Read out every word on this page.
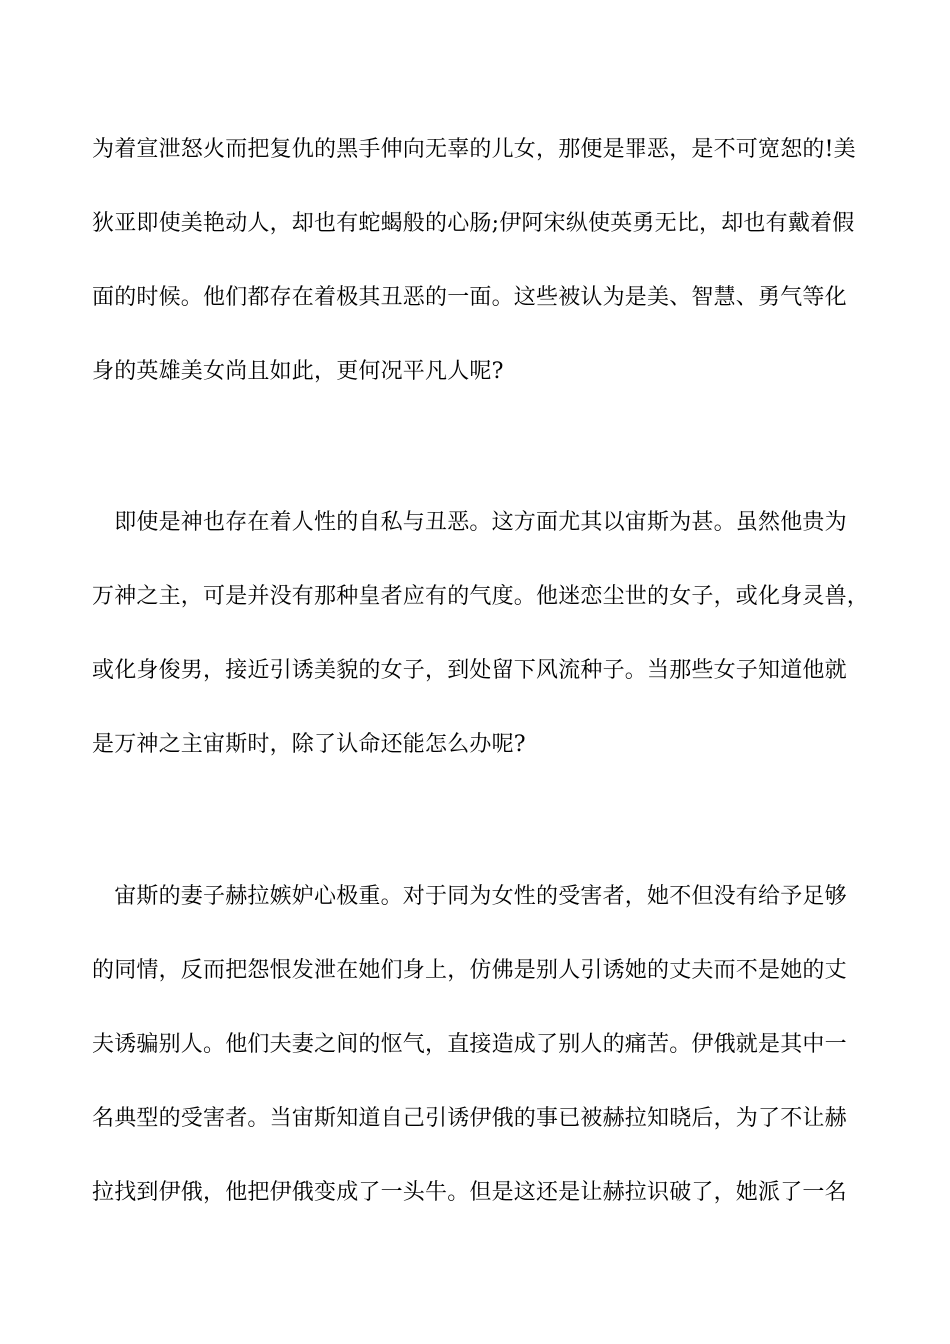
为着宣泄怒火而把复仇的黑手伸向无辜的儿女，那便是罪恶，是不可宽恕的!美
狄亚即使美艳动人，却也有蛇蝎般的心肠;伊阿宋纵使英勇无比，却也有戴着假
面的时候。他们都存在着极其丑恶的一面。这些被认为是美、智慧、勇气等化
身的英雄美女尚且如此，更何况平凡人呢?
　即使是神也存在着人性的自私与丑恶。这方面尤其以宙斯为甚。虽然他贵为
万神之主，可是并没有那种皇者应有的气度。他迷恋尘世的女子，或化身灵兽，
或化身俊男，接近引诱美貌的女子，到处留下风流种子。当那些女子知道他就
是万神之主宙斯时，除了认命还能怎么办呢?
　宙斯的妻子赫拉嫉妒心极重。对于同为女性的受害者，她不但没有给予足够
的同情，反而把怨恨发泄在她们身上，仿佛是别人引诱她的丈夫而不是她的丈
夫诱骗别人。他们夫妻之间的怄气，直接造成了别人的痛苦。伊俄就是其中一
名典型的受害者。当宙斯知道自己引诱伊俄的事已被赫拉知晓后，为了不让赫
拉找到伊俄，他把伊俄变成了一头牛。但是这还是让赫拉识破了，她派了一名
